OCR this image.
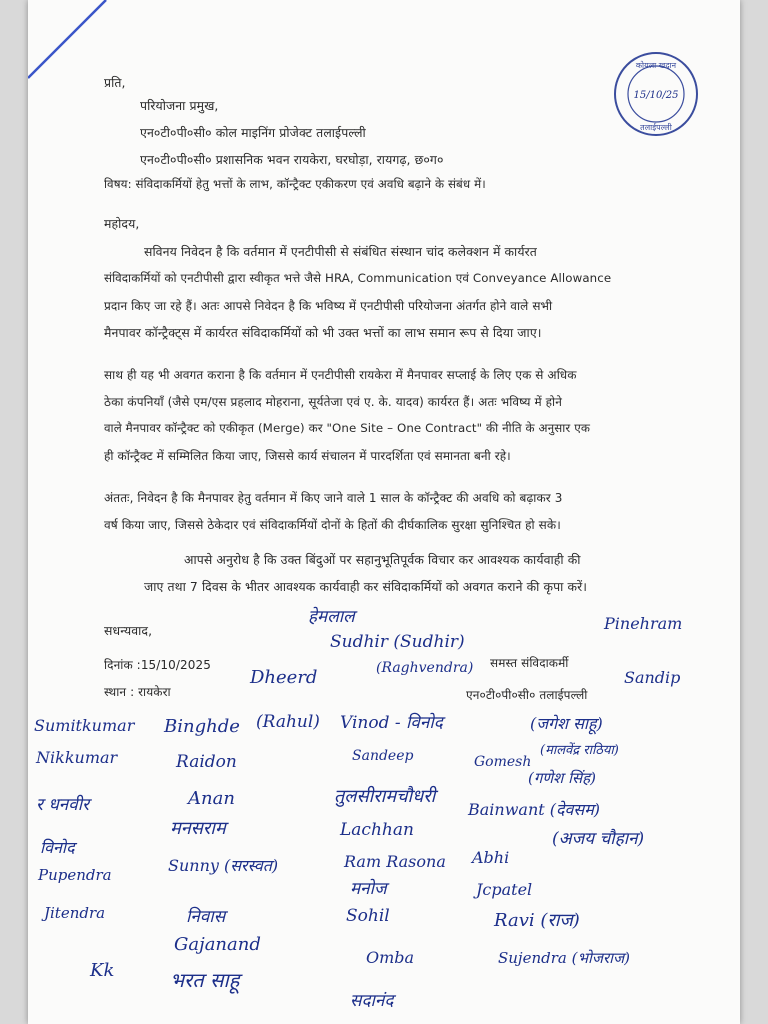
कोयला खदान
15/10/25
तलाईपल्ली
प्रति,
परियोजना प्रमुख,
एन०टी०पी०सी० कोल माइनिंग प्रोजेक्ट तलाईपल्ली
एन०टी०पी०सी० प्रशासनिक भवन रायकेरा, घरघोड़ा, रायगढ़, छ०ग०
विषय: संविदाकर्मियों हेतु भत्तों के लाभ, कॉन्ट्रैक्ट एकीकरण एवं अवधि बढ़ाने के संबंध में।
महोदय,
सविनय निवेदन है कि वर्तमान में एनटीपीसी से संबंधित संस्थान चांद कलेक्शन में कार्यरत
संविदाकर्मियों को एनटीपीसी द्वारा स्वीकृत भत्ते जैसे HRA, Communication एवं Conveyance Allowance
प्रदान किए जा रहे हैं। अतः आपसे निवेदन है कि भविष्य में एनटीपीसी परियोजना अंतर्गत होने वाले सभी
मैनपावर कॉन्ट्रैक्ट्स में कार्यरत संविदाकर्मियों को भी उक्त भत्तों का लाभ समान रूप से दिया जाए।
साथ ही यह भी अवगत कराना है कि वर्तमान में एनटीपीसी रायकेरा में मैनपावर सप्लाई के लिए एक से अधिक
ठेका कंपनियाँ (जैसे एम/एस प्रहलाद मोहराना, सूर्यतेजा एवं ए. के. यादव) कार्यरत हैं। अतः भविष्य में होने
वाले मैनपावर कॉन्ट्रैक्ट को एकीकृत (Merge) कर "One Site – One Contract" की नीति के अनुसार एक
ही कॉन्ट्रैक्ट में सम्मिलित किया जाए, जिससे कार्य संचालन में पारदर्शिता एवं समानता बनी रहे।
अंततः, निवेदन है कि मैनपावर हेतु वर्तमान में किए जाने वाले 1 साल के कॉन्ट्रैक्ट की अवधि को बढ़ाकर 3
वर्ष किया जाए, जिससे ठेकेदार एवं संविदाकर्मियों दोनों के हितों की दीर्घकालिक सुरक्षा सुनिश्चित हो सके।
आपसे अनुरोध है कि उक्त बिंदुओं पर सहानुभूतिपूर्वक विचार कर आवश्यक कार्यवाही की
जाए तथा 7 दिवस के भीतर आवश्यक कार्यवाही कर संविदाकर्मियों को अवगत कराने की कृपा करें।
सधन्यवाद,
दिनांक :15/10/2025
स्थान : रायकेरा
समस्त संविदाकर्मी
एन०टी०पी०सी० तलाईपल्ली
हेमलाल
Sudhir (Sudhir)
Pinehram
Dheerd	(Raghvendra)	Sandip
Sumitkumar Binghde (Rahul) Vinod - विनोद	(जगेश साहू)
Nikkumar	Raidon	Sandeep	Gomesh
(मालवेंद्र राठिया)
(गणेश सिंह)
र धनवीर	Anan	तुलसीरामचौधरी
Bainwant (देवसम)
मनसराम	Lachhan	(अजय चौहान)
विनोद
Sunny (सरस्वत)	Ram Rasona Abhi
Pupendra
मनोज	Jcpatel
Jitendra	निवास	Sohil	Ravi (राज)
Gajanand
Omba	Sujendra (भोजराज)
Kk	भरत साहू
सदानंद
